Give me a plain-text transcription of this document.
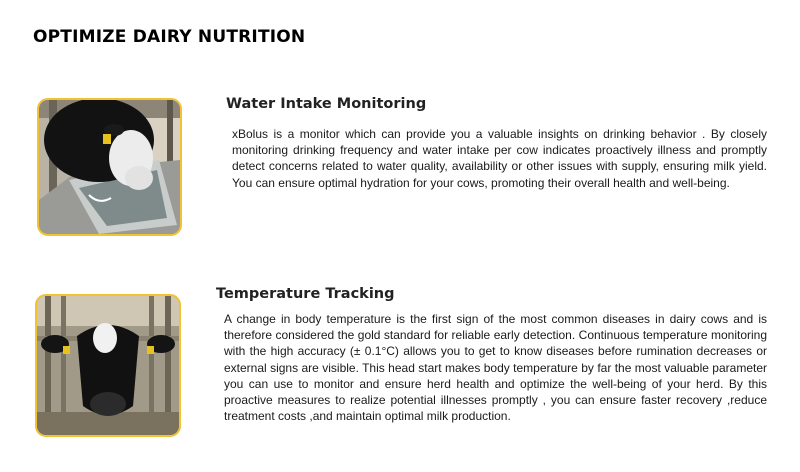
OPTIMIZE DAIRY NUTRITION
Water Intake Monitoring
xBolus is a monitor which can provide you a valuable insights on drinking behavior . By closely monitoring drinking frequency and water intake per cow indicates proactively illness and promptly detect concerns related to water quality, availability or other issues with supply, ensuring milk yield. You can ensure optimal hydration for your cows, promoting their overall health and well-being.
Temperature Tracking
A change in body temperature is the first sign of the most common diseases in dairy cows and is therefore considered the gold standard for reliable early detection. Continuous temperature monitoring with the high accuracy (± 0.1°C) allows you to get to know diseases before rumination decreases or external signs are visible. This head start makes body temperature by far the most valuable parameter you can use to monitor and ensure herd health and optimize the well-being of your herd. By this proactive measures to realize potential illnesses promptly , you can ensure faster recovery ,reduce treatment costs ,and maintain optimal milk production.
